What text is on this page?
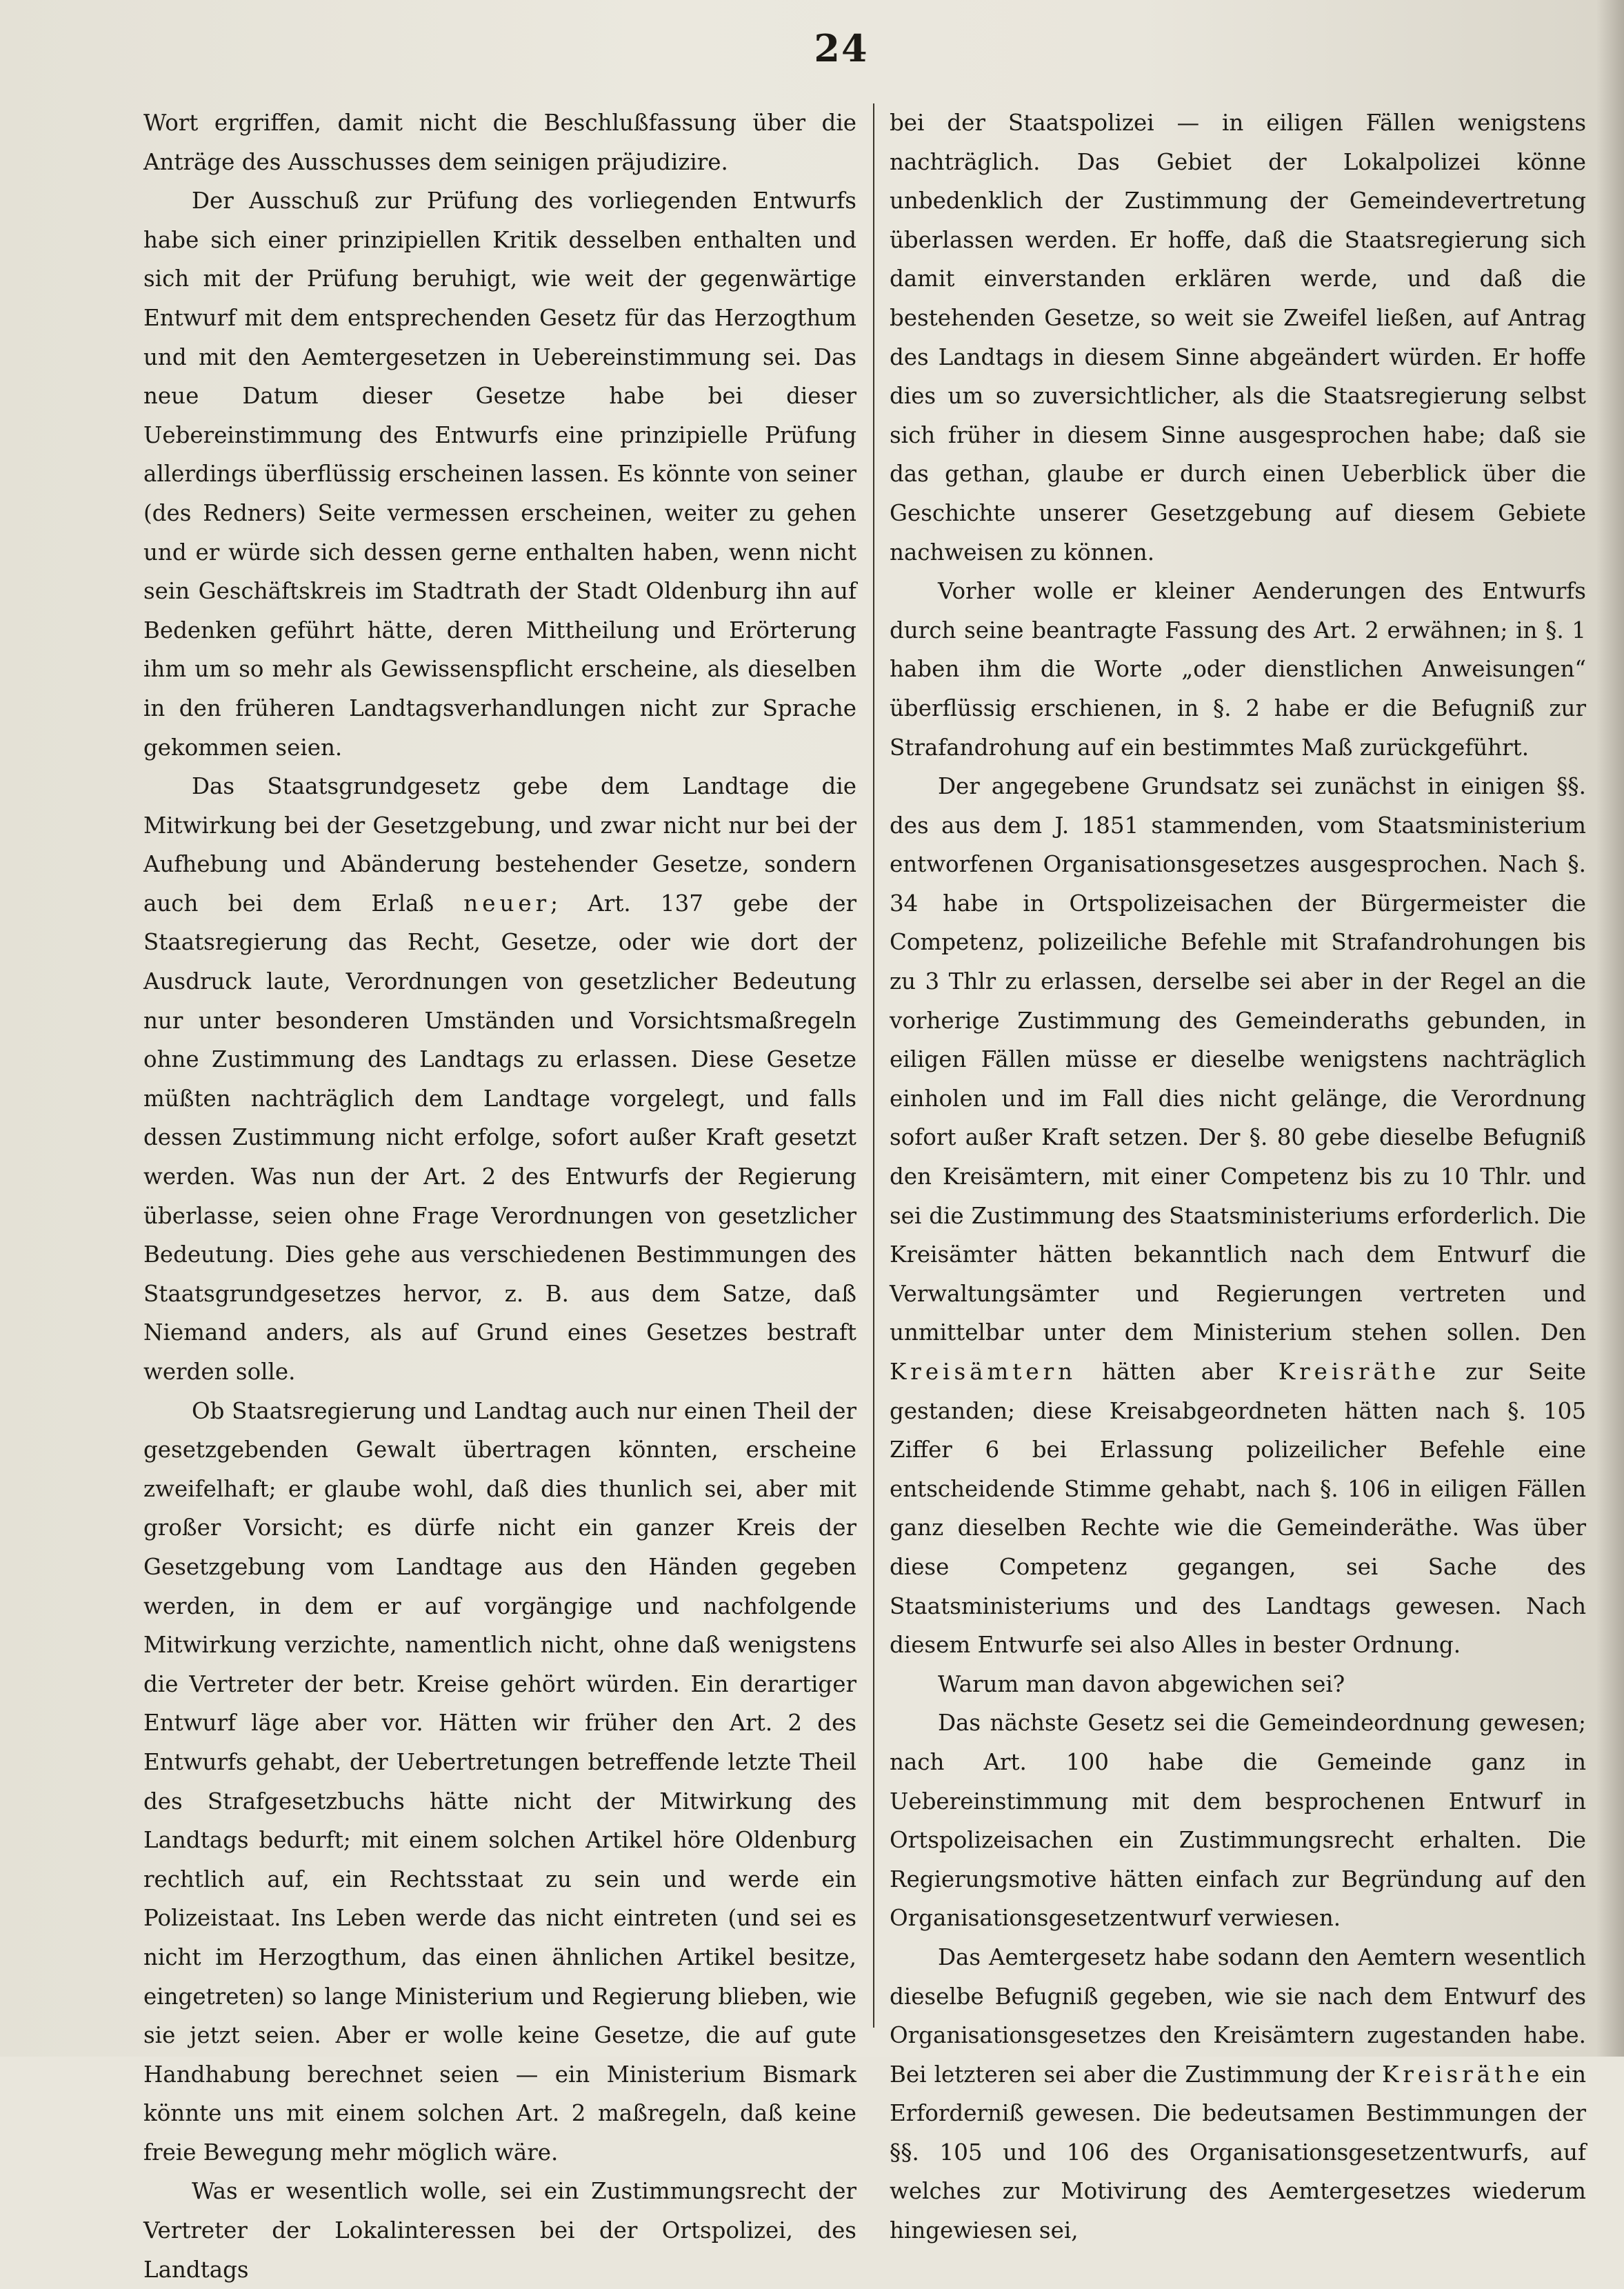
24

Wort ergriffen, damit nicht die Beschlußfassung über die Anträge des Ausschusses dem seinigen präjudizire.

Der Ausschuß zur Prüfung des vorliegenden Entwurfs habe sich einer prinzipiellen Kritik desselben enthalten und sich mit der Prüfung beruhigt, wie weit der gegenwärtige Entwurf mit dem entsprechenden Gesetz für das Herzogthum und mit den Aemtergesetzen in Uebereinstimmung sei. Das neue Datum dieser Gesetze habe bei dieser Uebereinstimmung des Entwurfs eine prinzipielle Prüfung allerdings überflüssig erscheinen lassen. Es könnte von seiner (des Redners) Seite vermessen erscheinen, weiter zu gehen und er würde sich dessen gerne enthalten haben, wenn nicht sein Geschäftskreis im Stadtrath der Stadt Oldenburg ihn auf Bedenken geführt hätte, deren Mittheilung und Erörterung ihm um so mehr als Gewissenspflicht erscheine, als dieselben in den früheren Landtagsverhandlungen nicht zur Sprache gekommen seien.

Das Staatsgrundgesetz gebe dem Landtage die Mitwirkung bei der Gesetzgebung, und zwar nicht nur bei der Aufhebung und Abänderung bestehender Gesetze, sondern auch bei dem Erlaß neuer; Art. 137 gebe der Staatsregierung das Recht, Gesetze, oder wie dort der Ausdruck laute, Verordnungen von gesetzlicher Bedeutung nur unter besonderen Umständen und Vorsichtsmaßregeln ohne Zustimmung des Landtags zu erlassen. Diese Gesetze müßten nachträglich dem Landtage vorgelegt, und falls dessen Zustimmung nicht erfolge, sofort außer Kraft gesetzt werden. Was nun der Art. 2 des Entwurfs der Regierung überlasse, seien ohne Frage Verordnungen von gesetzlicher Bedeutung. Dies gehe aus verschiedenen Bestimmungen des Staatsgrundgesetzes hervor, z. B. aus dem Satze, daß Niemand anders, als auf Grund eines Gesetzes bestraft werden solle.

Ob Staatsregierung und Landtag auch nur einen Theil der gesetzgebenden Gewalt übertragen könnten, erscheine zweifelhaft; er glaube wohl, daß dies thunlich sei, aber mit großer Vorsicht; es dürfe nicht ein ganzer Kreis der Gesetzgebung vom Landtage aus den Händen gegeben werden, in dem er auf vorgängige und nachfolgende Mitwirkung verzichte, namentlich nicht, ohne daß wenigstens die Vertreter der betr. Kreise gehört würden. Ein derartiger Entwurf läge aber vor. Hätten wir früher den Art. 2 des Entwurfs gehabt, der Uebertretungen betreffende letzte Theil des Strafgesetzbuchs hätte nicht der Mitwirkung des Landtags bedurft; mit einem solchen Artikel höre Oldenburg rechtlich auf, ein Rechtsstaat zu sein und werde ein Polizeistaat. Ins Leben werde das nicht eintreten (und sei es nicht im Herzogthum, das einen ähnlichen Artikel besitze, eingetreten) so lange Ministerium und Regierung blieben, wie sie jetzt seien. Aber er wolle keine Gesetze, die auf gute Handhabung berechnet seien — ein Ministerium Bismark könnte uns mit einem solchen Art. 2 maßregeln, daß keine freie Bewegung mehr möglich wäre.

Was er wesentlich wolle, sei ein Zustimmungsrecht der Vertreter der Lokalinteressen bei der Ortspolizei, des Landtags

bei der Staatspolizei — in eiligen Fällen wenigstens nachträglich. Das Gebiet der Lokalpolizei könne unbedenklich der Zustimmung der Gemeindevertretung überlassen werden. Er hoffe, daß die Staatsregierung sich damit einverstanden erklären werde, und daß die bestehenden Gesetze, so weit sie Zweifel ließen, auf Antrag des Landtags in diesem Sinne abgeändert würden. Er hoffe dies um so zuversichtlicher, als die Staatsregierung selbst sich früher in diesem Sinne ausgesprochen habe; daß sie das gethan, glaube er durch einen Ueberblick über die Geschichte unserer Gesetzgebung auf diesem Gebiete nachweisen zu können.

Vorher wolle er kleiner Aenderungen des Entwurfs durch seine beantragte Fassung des Art. 2 erwähnen; in §. 1 haben ihm die Worte „oder dienstlichen Anweisungen“ überflüssig erschienen, in §. 2 habe er die Befugniß zur Strafandrohung auf ein bestimmtes Maß zurückgeführt.

Der angegebene Grundsatz sei zunächst in einigen §§. des aus dem J. 1851 stammenden, vom Staatsministerium entworfenen Organisationsgesetzes ausgesprochen. Nach §. 34 habe in Ortspolizeisachen der Bürgermeister die Competenz, polizeiliche Befehle mit Strafandrohungen bis zu 3 Thlr zu erlassen, derselbe sei aber in der Regel an die vorherige Zustimmung des Gemeinderaths gebunden, in eiligen Fällen müsse er dieselbe wenigstens nachträglich einholen und im Fall dies nicht gelänge, die Verordnung sofort außer Kraft setzen. Der §. 80 gebe dieselbe Befugniß den Kreisämtern, mit einer Competenz bis zu 10 Thlr. und sei die Zustimmung des Staatsministeriums erforderlich. Die Kreisämter hätten bekanntlich nach dem Entwurf die Verwaltungsämter und Regierungen vertreten und unmittelbar unter dem Ministerium stehen sollen. Den Kreisämtern hätten aber Kreisräthe zur Seite gestanden; diese Kreisabgeordneten hätten nach §. 105 Ziffer 6 bei Erlassung polizeilicher Befehle eine entscheidende Stimme gehabt, nach §. 106 in eiligen Fällen ganz dieselben Rechte wie die Gemeinderäthe. Was über diese Competenz gegangen, sei Sache des Staatsministeriums und des Landtags gewesen. Nach diesem Entwurfe sei also Alles in bester Ordnung.

Warum man davon abgewichen sei?

Das nächste Gesetz sei die Gemeindeordnung gewesen; nach Art. 100 habe die Gemeinde ganz in Uebereinstimmung mit dem besprochenen Entwurf in Ortspolizeisachen ein Zustimmungsrecht erhalten. Die Regierungsmotive hätten einfach zur Begründung auf den Organisationsgesetzentwurf verwiesen.

Das Aemtergesetz habe sodann den Aemtern wesentlich dieselbe Befugniß gegeben, wie sie nach dem Entwurf des Organisationsgesetzes den Kreisämtern zugestanden habe. Bei letzteren sei aber die Zustimmung der Kreisräthe ein Erforderniß gewesen. Die bedeutsamen Bestimmungen der §§. 105 und 106 des Organisationsgesetzentwurfs, auf welches zur Motivirung des Aemtergesetzes wiederum hingewiesen sei,
